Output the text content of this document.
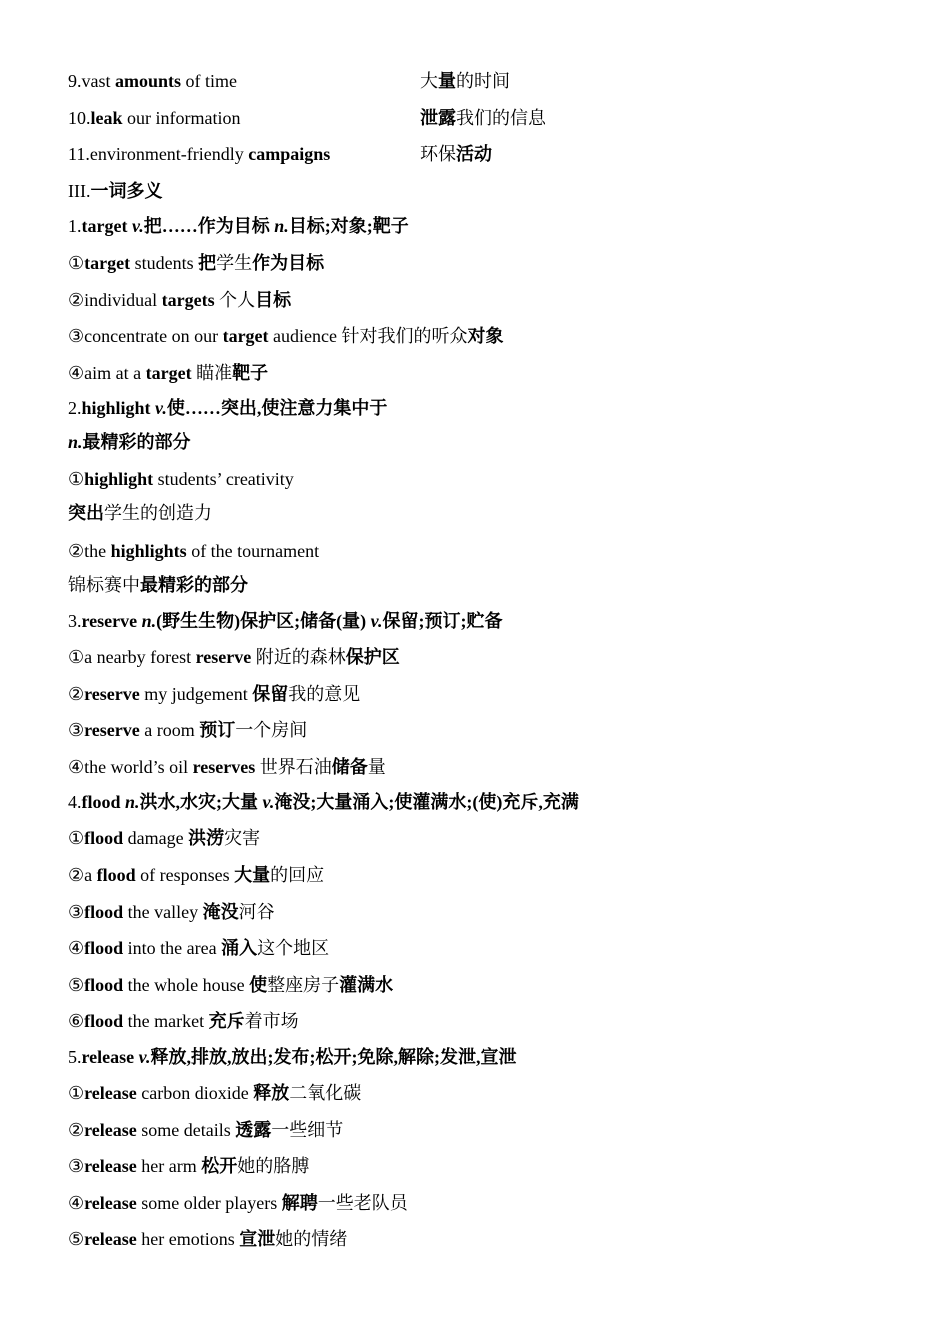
9.vast amounts of time	大量的时间
10.leak our information	泄露我们的信息
11.environment-friendly campaigns	环保活动
III.一词多义
1.target v.把……作为目标 n.目标;对象;靶子
①target students 把学生作为目标
②individual targets 个人目标
③concentrate on our target audience 针对我们的听众对象
④aim at a target 瞄准靶子
2.highlight v.使……突出,使注意力集中于
n.最精彩的部分
①highlight students’ creativity
突出学生的创造力
②the highlights of the tournament
锦标赛中最精彩的部分
3.reserve n.(野生生物)保护区;储备(量) v.保留;预订;贮备
①a nearby forest reserve 附近的森林保护区
②reserve my judgement 保留我的意见
③reserve a room 预订一个房间
④the world’s oil reserves 世界石油储备量
4.flood n.洪水,水灾;大量 v.淹没;大量涌入;使灌满水;(使)充斥,充满
①flood damage 洪涝灾害
②a flood of responses 大量的回应
③flood the valley 淹没河谷
④flood into the area 涌入这个地区
⑤flood the whole house 使整座房子灌满水
⑥flood the market 充斥着市场
5.release v.释放,排放,放出;发布;松开;免除,解除;发泄,宣泄
①release carbon dioxide 释放二氧化碳
②release some details 透露一些细节
③release her arm 松开她的胳膊
④release some older players 解聘一些老队员
⑤release her emotions 宣泄她的情绪
